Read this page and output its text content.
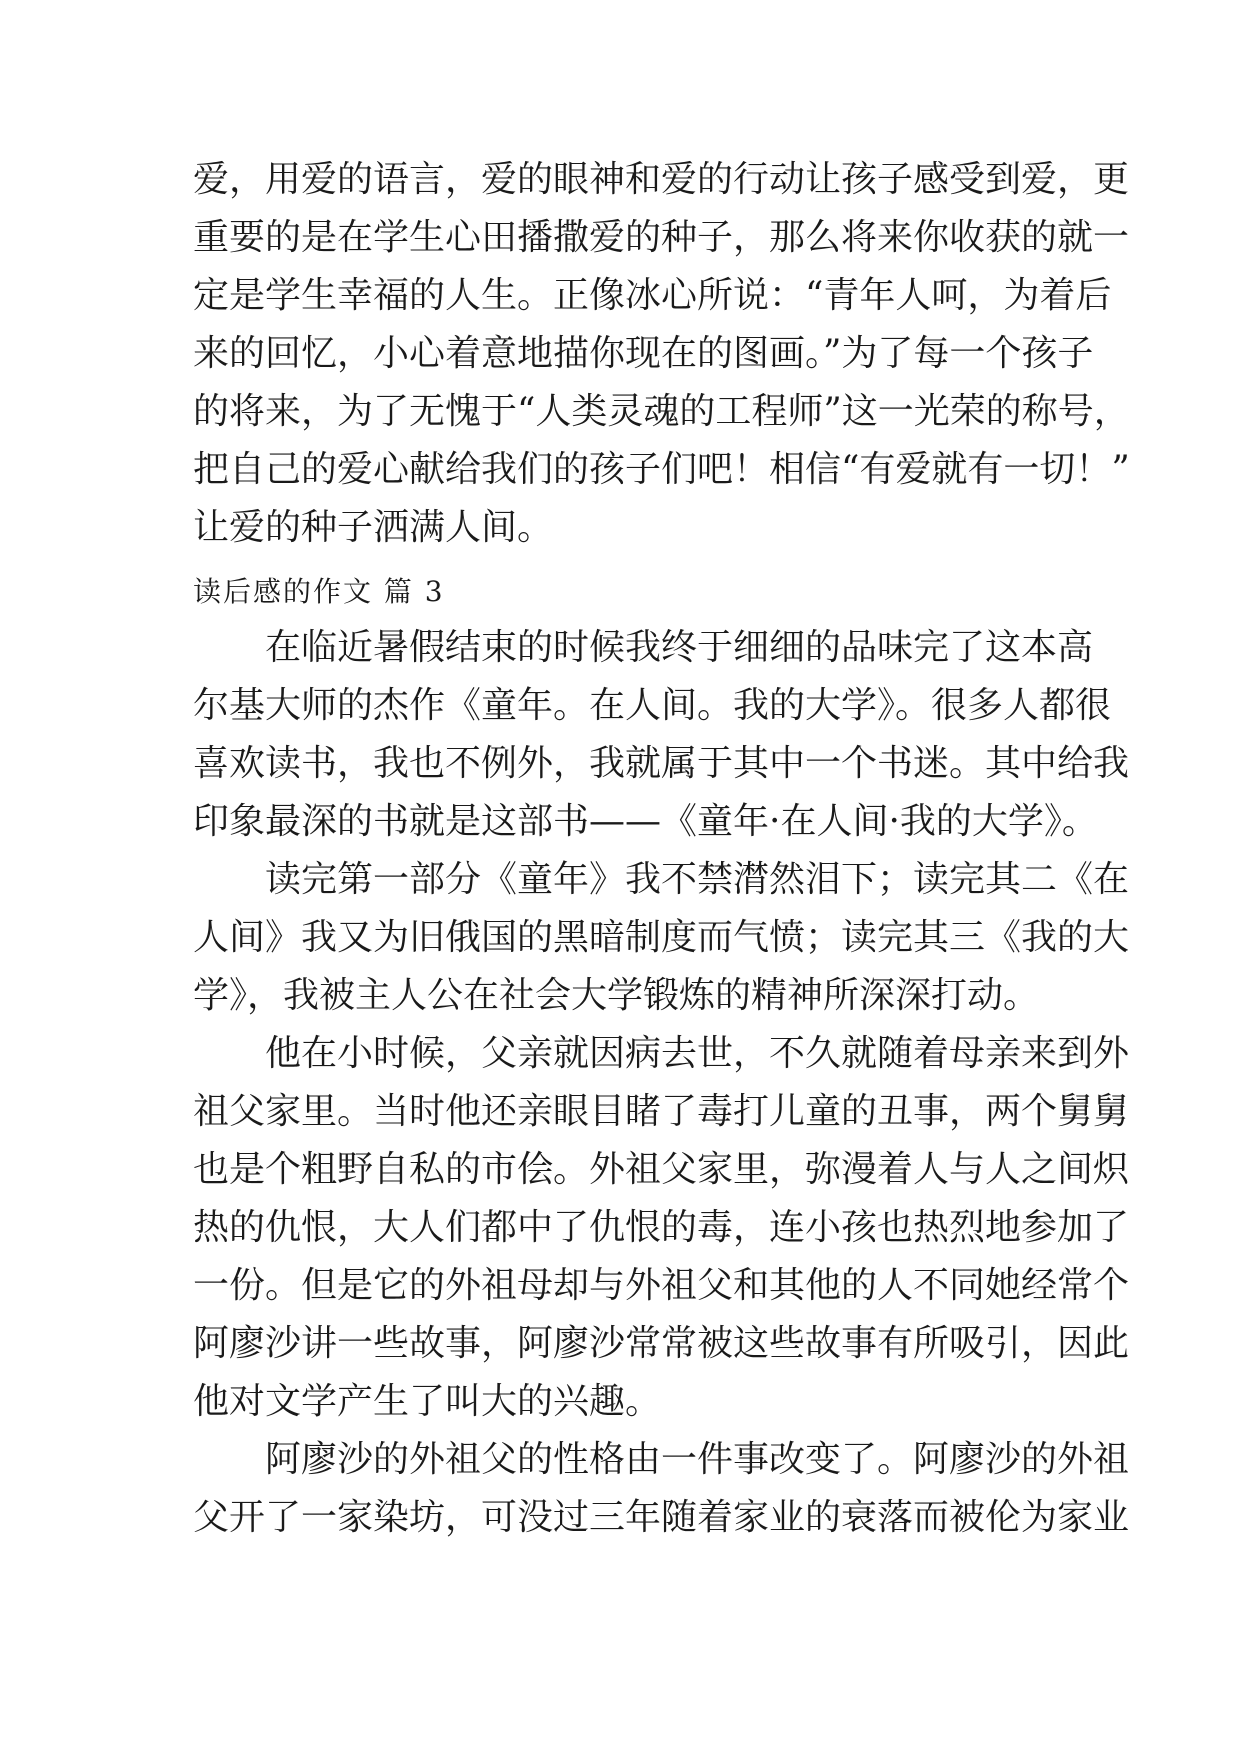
爱，用爱的语言，爱的眼神和爱的行动让孩子感受到爱，更
重要的是在学生心田播撒爱的种子，那么将来你收获的就一
定是学生幸福的人生。正像冰心所说：“青年人呵，为着后
来的回忆，小心着意地描你现在的图画。”为了每一个孩子
的将来，为了无愧于“人类灵魂的工程师”这一光荣的称号，
把自己的爱心献给我们的孩子们吧！相信“有爱就有一切！”
让爱的种子洒满人间。
读后感的作文 篇 3
　　在临近暑假结束的时候我终于细细的品味完了这本高
尔基大师的杰作《童年。在人间。我的大学》。很多人都很
喜欢读书，我也不例外，我就属于其中一个书迷。其中给我
印象最深的书就是这部书——《童年·在人间·我的大学》。
　　读完第一部分《童年》我不禁潸然泪下；读完其二《在
人间》我又为旧俄国的黑暗制度而气愤；读完其三《我的大
学》，我被主人公在社会大学锻炼的精神所深深打动。
　　他在小时候，父亲就因病去世，不久就随着母亲来到外
祖父家里。当时他还亲眼目睹了毒打儿童的丑事，两个舅舅
也是个粗野自私的市侩。外祖父家里，弥漫着人与人之间炽
热的仇恨，大人们都中了仇恨的毒，连小孩也热烈地参加了
一份。但是它的外祖母却与外祖父和其他的人不同她经常个
阿廖沙讲一些故事，阿廖沙常常被这些故事有所吸引，因此
他对文学产生了叫大的兴趣。
　　阿廖沙的外祖父的性格由一件事改变了。阿廖沙的外祖
父开了一家染坊，可没过三年随着家业的衰落而被伦为家业
